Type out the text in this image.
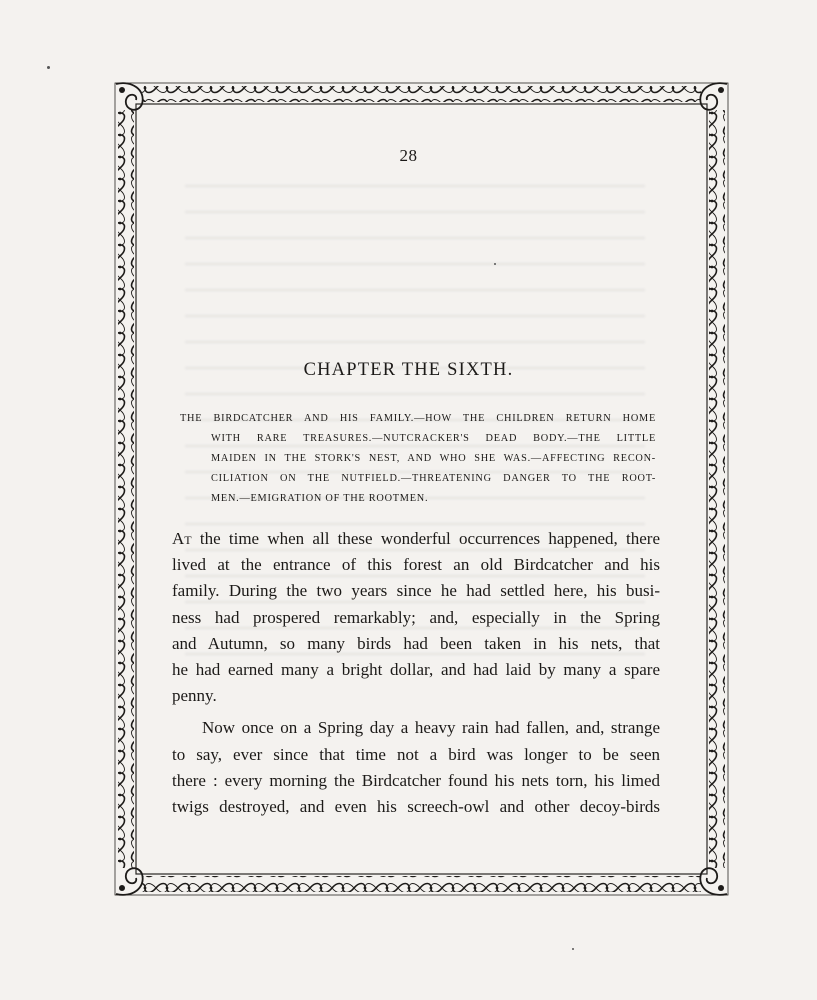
28
CHAPTER THE SIXTH.
THE BIRDCATCHER AND HIS FAMILY.—HOW THE CHILDREN RETURN HOME
WITH RARE TREASURES.—NUTCRACKER'S DEAD BODY.—THE LITTLE
MAIDEN IN THE STORK'S NEST, AND WHO SHE WAS.—AFFECTING RECON-
CILIATION ON THE NUTFIELD.—THREATENING DANGER TO THE ROOT-
MEN.—EMIGRATION OF THE ROOTMEN.
At the time when all these wonderful occurrences happened, there
lived at the entrance of this forest an old Birdcatcher and his
family. During the two years since he had settled here, his busi-
ness had prospered remarkably; and, especially in the Spring
and Autumn, so many birds had been taken in his nets, that
he had earned many a bright dollar, and had laid by many a spare
penny.
Now once on a Spring day a heavy rain had fallen, and, strange
to say, ever since that time not a bird was longer to be seen
there : every morning the Birdcatcher found his nets torn, his limed
twigs destroyed, and even his screech-owl and other decoy-birds
